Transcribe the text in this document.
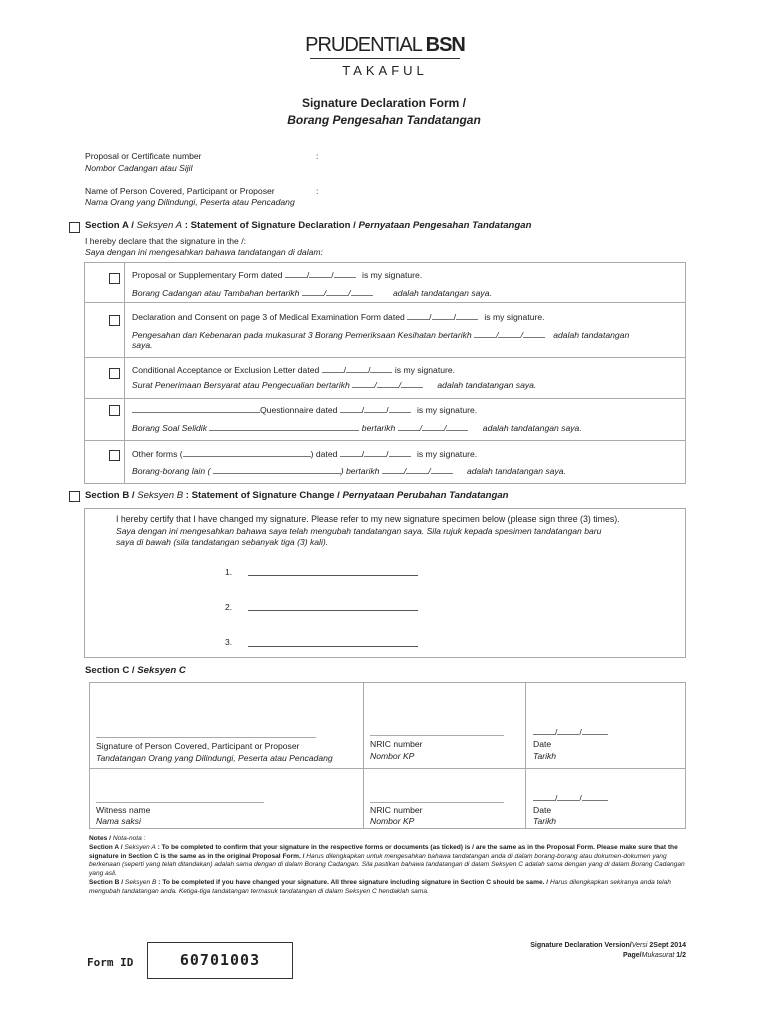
PRUDENTIAL BSN
TAKAFUL
Signature Declaration Form /
Borang Pengesahan Tandatangan
Proposal or Certificate number
Nombor Cadangan atau Sijil
:
Name of Person Covered, Participant or Proposer
Nama Orang yang Dilindungi, Peserta atau Pencadang
:
Section A / Seksyen A : Statement of Signature Declaration / Pernyataan Pengesahan Tandatangan
I hereby declare that the signature in the /:
Saya dengan ini mengesahkan bahawa tandatangan di dalam:
Proposal or Supplementary Form dated	/	/	is my signature.
Borang Cadangan atau Tambahan bertarikh	/	/	adalah tandatangan saya.
Declaration and Consent on page 3 of Medical Examination Form dated	/	/	is my signature.
Pengesahan dan Kebenaran pada mukasurat 3 Borang Pemeriksaan Kesihatan bertarikh	/	/	adalah tandatangan
saya.
Conditional Acceptance or Exclusion Letter dated	/	/	is my signature.
Surat Penerimaan Bersyarat atau Pengecualian bertarikh	/	/	adalah tandatangan saya.
Questionnaire dated	/	/	is my signature.
Borang Soal Selidik	bertarikh	/	/	adalah tandatangan saya.
Other forms (	) dated	/	/	is my signature.
Borang-borang lain (	) bertarikh	/	/	adalah tandatangan saya.
Section B / Seksyen B : Statement of Signature Change / Pernyataan Perubahan Tandatangan
I hereby certify that I have changed my signature. Please refer to my new signature specimen below (please sign three (3) times).
Saya dengan ini mengesahkan bahawa saya telah mengubah tandatangan saya. Sila rujuk kepada spesimen tandatangan baru
saya di bawah (sila tandatangan sebanyak tiga (3) kali).
1.
2.
3.
Section C / Seksyen C
Signature of Person Covered, Participant or Proposer
Tandatangan Orang yang Dilindungi, Peserta atau Pencadang
NRIC number
Nombor KP
/	/
Date
Tarikh
Witness name
Nama saksi
NRIC number
Nombor KP
/	/
Date
Tarikh
Notes / Nota-nota :
Section A / Seksyen A : To be completed to confirm that your signature in the respective forms or documents (as ticked) is / are the same as in the Proposal Form. Please make sure that the signature in Section C is the same as in the original Proposal Form. / Harus dilengkapkan untuk mengesahkan bahawa tandatangan anda di dalam borang-borang atau dokumen-dokumen yang berkenaan (seperti yang telah ditandakan) adalah sama dengan di dalam Borang Cadangan. Sila pastikan bahawa tandatangan di dalam Seksyen C adalah sama dengan yang di dalam Borang Cadangan yang asli.
Section B / Seksyen B : To be completed if you have changed your signature. All three signature including signature in Section C should be same. / Harus dilengkapkan sekiranya anda telah mengubah tandatangan anda. Ketiga-tiga tandatangan termasuk tandatangan di dalam Seksyen C hendaklah sama.
Form ID	60701003
Signature Declaration Version/Versi 2Sept 2014
Page/Mukasurat 1/2
